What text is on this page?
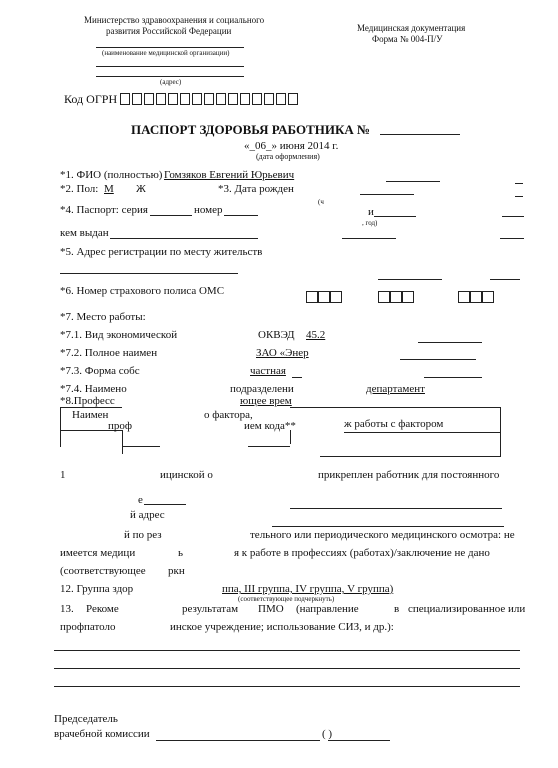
Министерство здравоохранения и социального
развития Российской Федерации
(наименование медицинской организации)
(адрес)
Медицинская документация
Форма № 004-П/У
Код ОГРН
ПАСПОРТ ЗДОРОВЬЯ РАБОТНИКА №
«_06_» июня 2014 г.
(дата оформления)
*1. ФИО (полностью) Гомзяков Евгений Юрьевич
*2. Пол: М Ж	*3. Дата рожден
(ч
*4. Паспорт: серия	номер	и
, год)
кем выдан
*5. Адрес регистрации по месту жительств
*6. Номер страхового полиса ОМС
*7. Место работы:
*7.1. Вид экономической	ОКВЭД 45.2
*7.2. Полное наимен	ЗАО «Энер
*7.3. Форма собс	частная
*7.4. Наимено	подразделени	департамент
*8.Професс	ющее врем
Наимен	о фактора,
проф	ием кода**	ж работы с фактором
1	ицинской о	прикреплен работник для постоянного
е
й адрес
й по рез	тельного или периодического медицинского осмотра: не
имеется медици	ь	я к работе в профессиях (работах)/заключение не дано
(соответствующее ркн
12. Группа здор	ппа, III группа, IV группа, V группа)
(соответствующее подчеркнуть)
13. Рекоме	результатам ПМО (направление	в специализированное или
профпатоло	инское учреждение; использование СИЗ, и др.):
Председатель
врачебной комиссии	( )
